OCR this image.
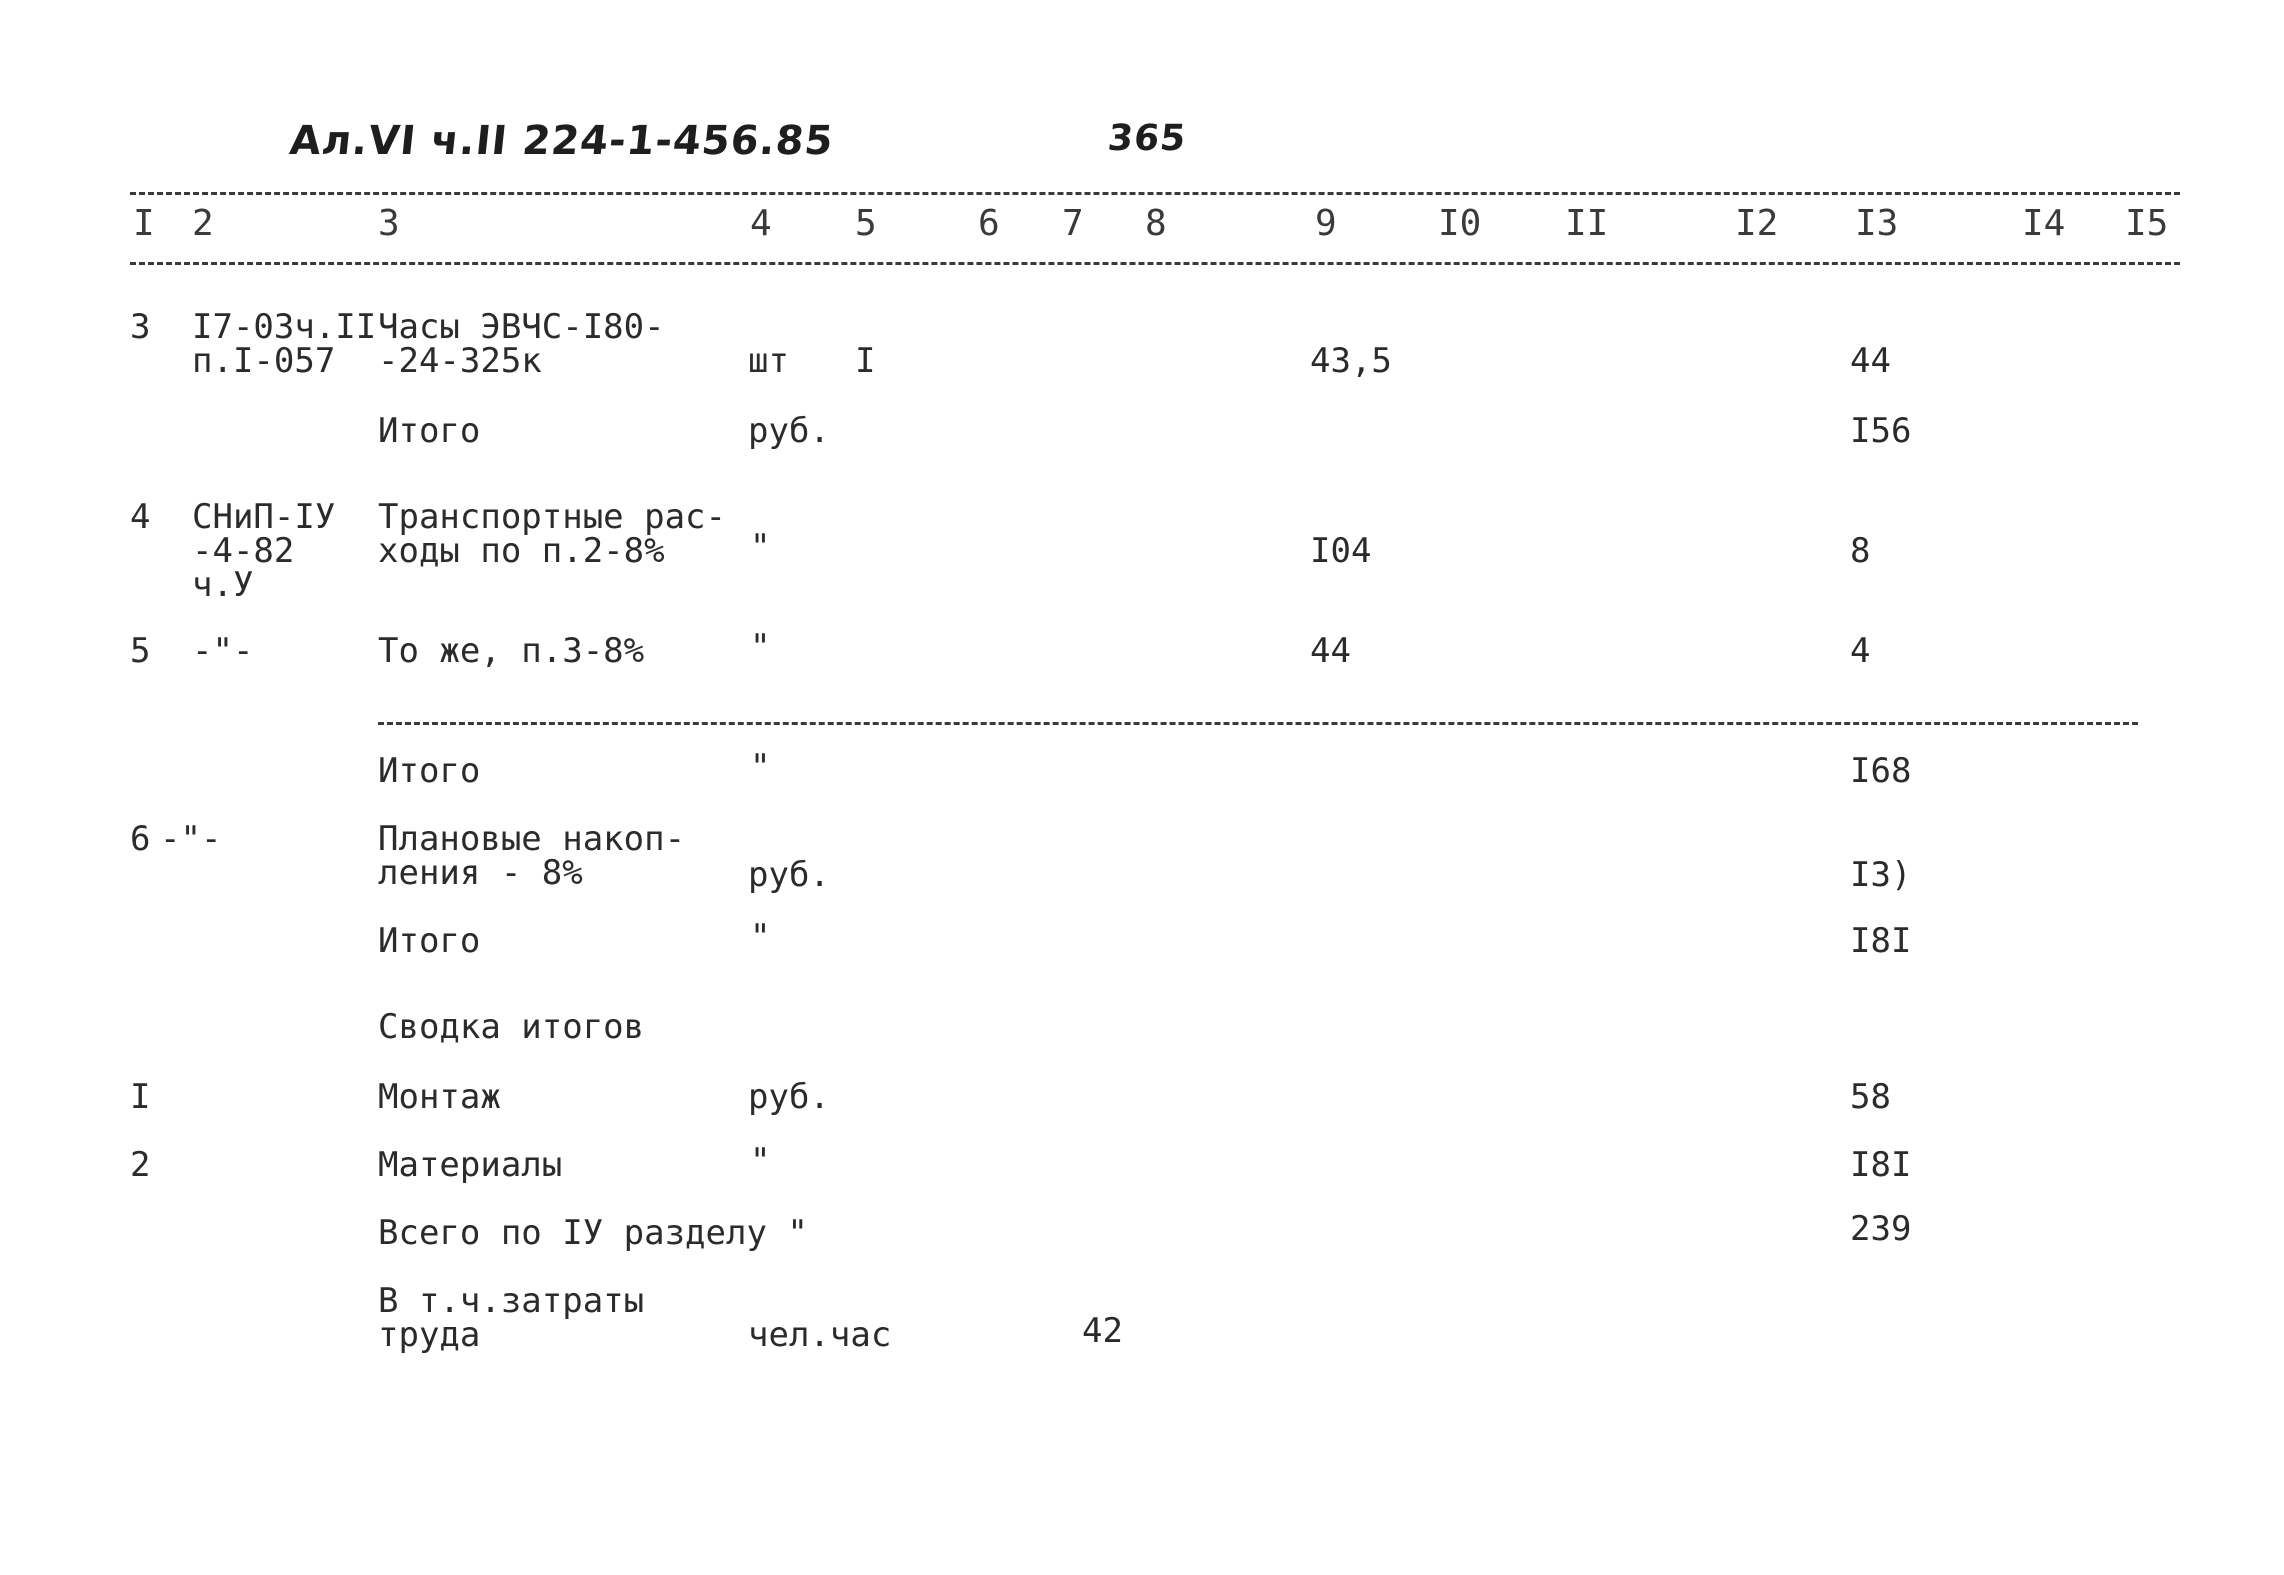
Ал.VI ч.II 224-1-456.85	365
I 2	3	4 5	6 7 8	9	I0 II	I2 I3	I4 I5
3 I7-03ч.II
п.I-057
Часы ЭВЧС-I80-
-24-325к	шт I	43,5	44
Итого	руб.	I56
4 СНиП-IУ
-4-82
ч.У
Транспортные рас-
ходы по п.2-8%	"	I04	8
5 -"-	То же, п.3-8%	"	44	4
Итого	"	I68
6 -"-	Плановые накоп-
ления - 8%	руб.	I3)
Итого	"	I8I
Сводка итогов
I	Монтаж	руб.	58
2	Материалы	"	I8I
Всего по IУ разделу "	239
В т.ч.затраты
труда	чел.час	42
